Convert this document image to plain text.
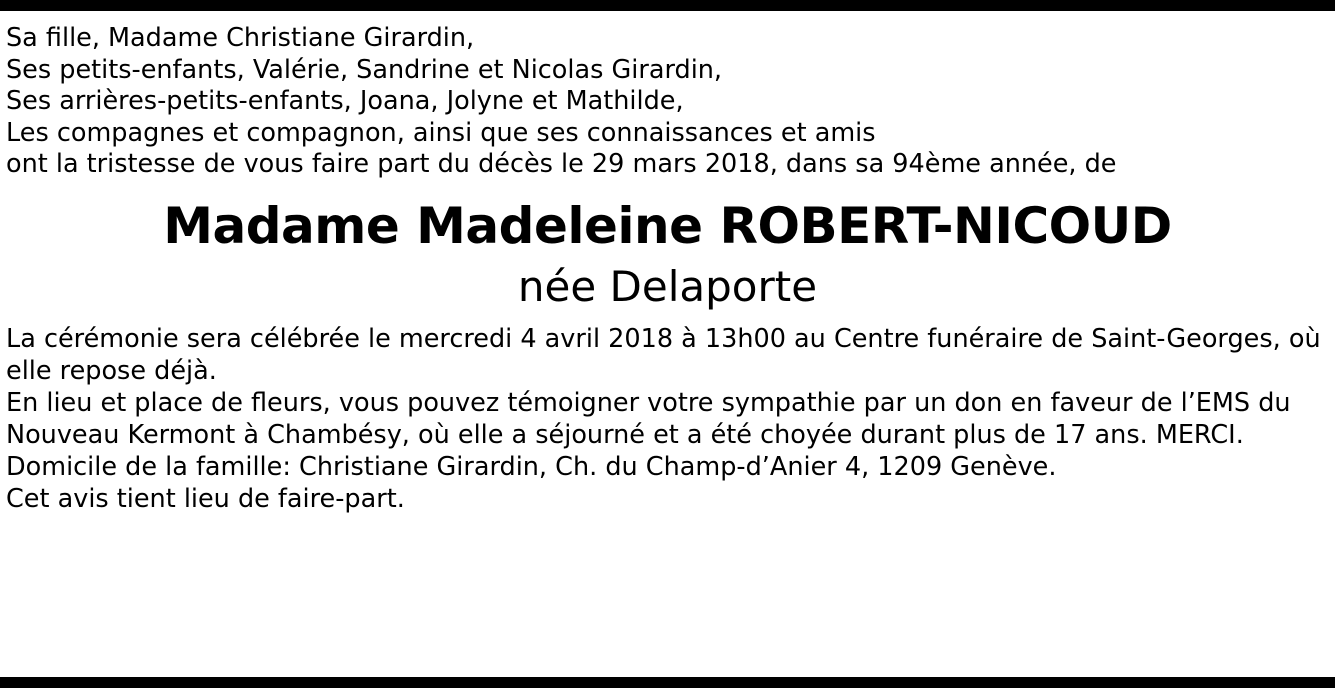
Sa fille, Madame Christiane Girardin,
Ses petits-enfants, Valérie, Sandrine et Nicolas Girardin,
Ses arrières-petits-enfants, Joana, Jolyne et Mathilde,
Les compagnes et compagnon, ainsi que ses connaissances et amis
ont la tristesse de vous faire part du décès le 29 mars 2018, dans sa 94ème année, de
Madame Madeleine ROBERT-NICOUD
née Delaporte
La cérémonie sera célébrée le mercredi 4 avril 2018 à 13h00 au Centre funéraire de Saint-Georges, où elle repose déjà.
En lieu et place de fleurs, vous pouvez témoigner votre sympathie par un don en faveur de l’EMS du Nouveau Kermont à Chambésy, où elle a séjourné et a été choyée durant plus de 17 ans. MERCI.
Domicile de la famille: Christiane Girardin, Ch. du Champ-d’Anier 4, 1209 Genève.
Cet avis tient lieu de faire-part.
